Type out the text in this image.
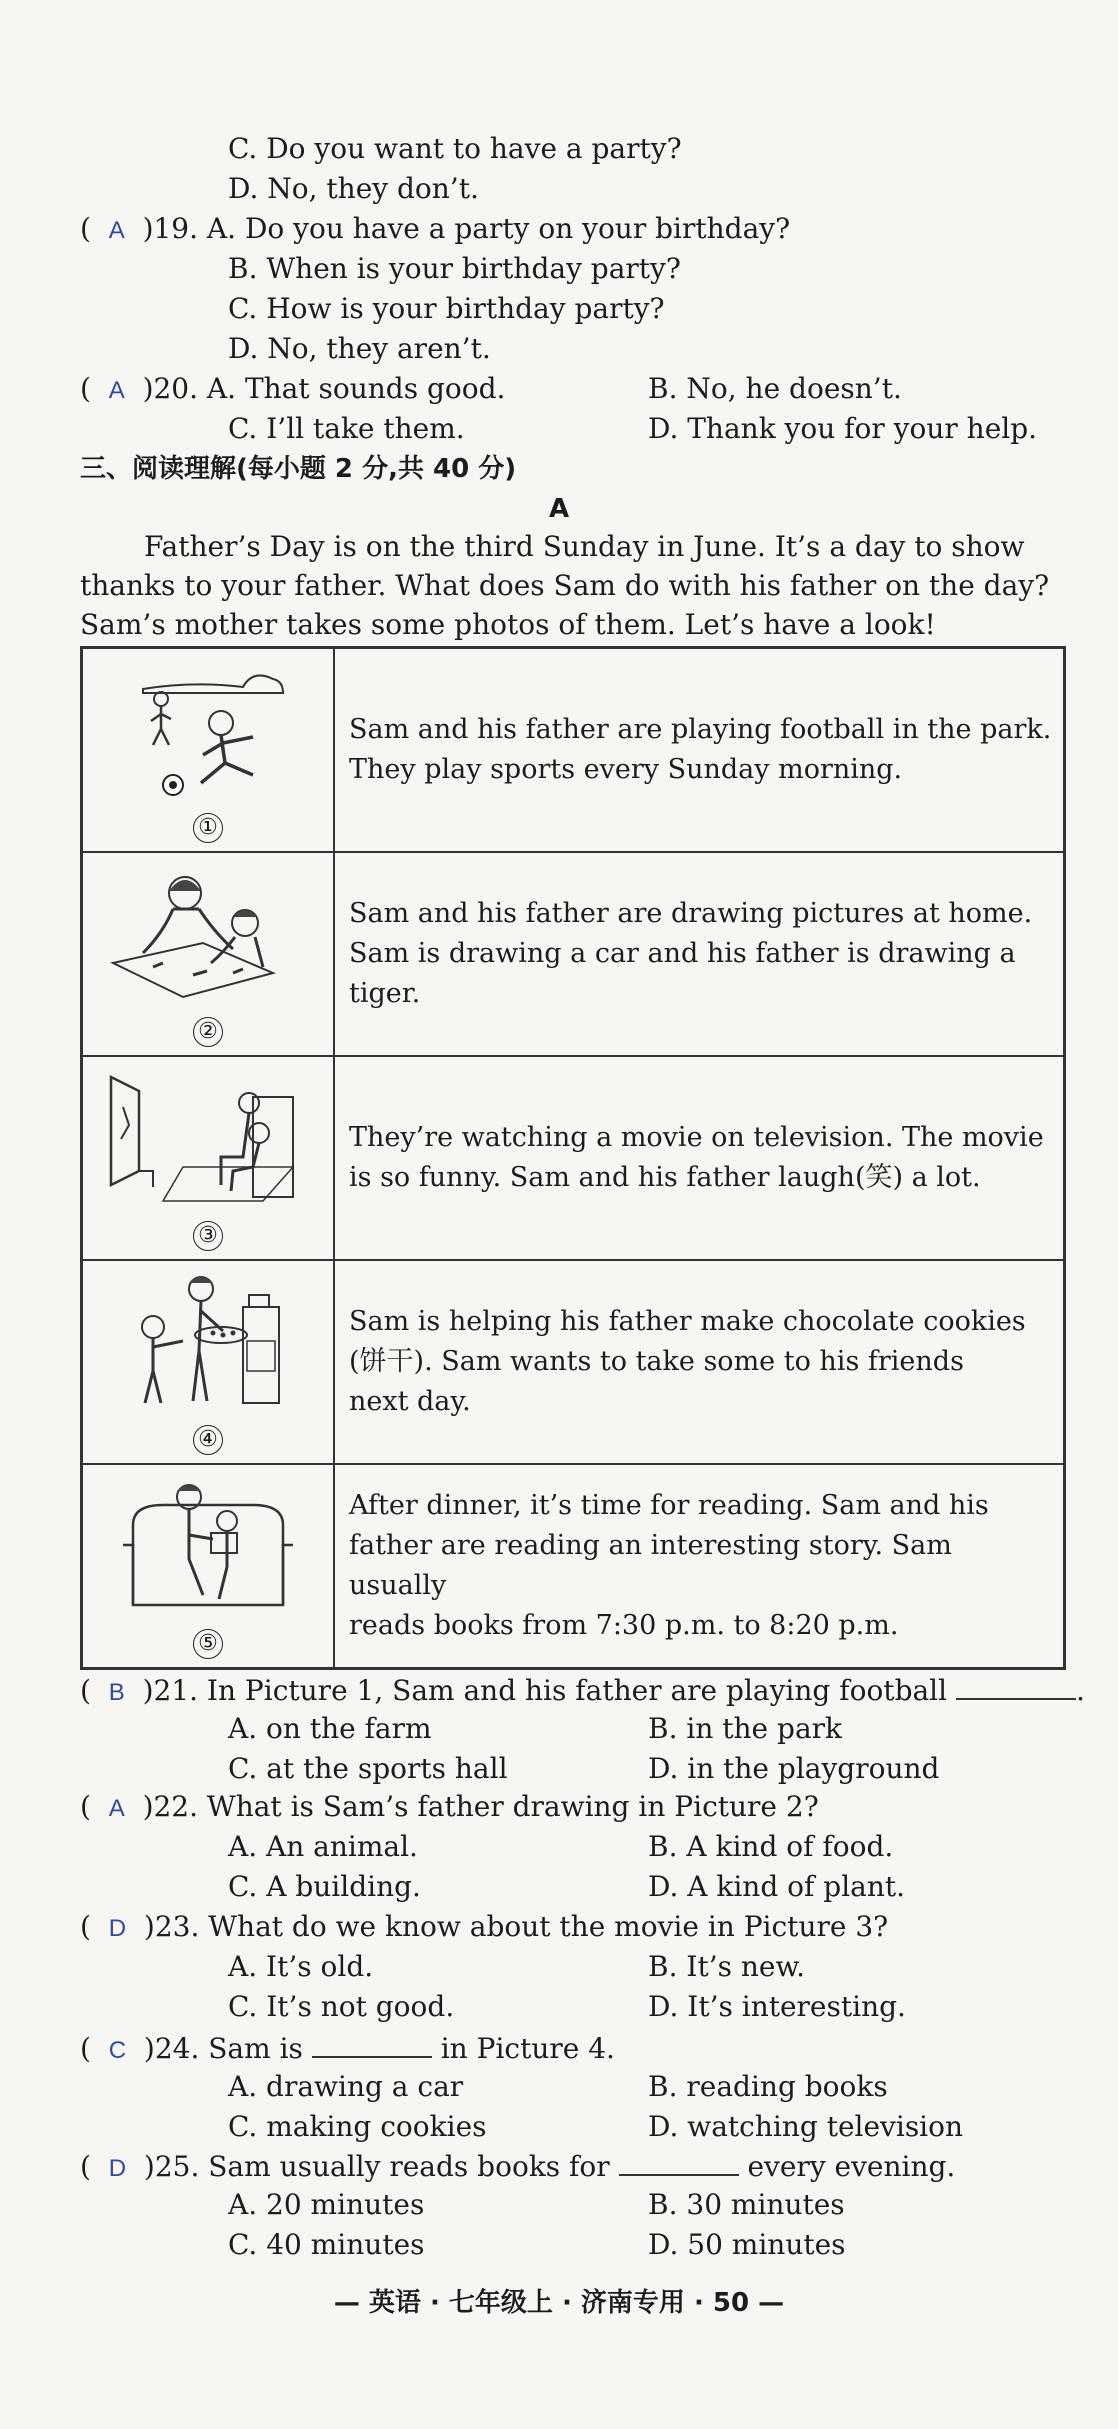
C. Do you want to have a party?
D. No, they don’t.
(  A )19. A. Do you have a party on your birthday?
B. When is your birthday party?
C. How is your birthday party?
D. No, they aren’t.
(  A )20. A. That sounds good.	B. No, he doesn’t.
C. I’ll take them.	D. Thank you for your help.
三、阅读理解(每小题 2 分,共 40 分)
A
Father’s Day is on the third Sunday in June. It’s a day to show
thanks to your father. What does Sam do with his father on the day?
Sam’s mother takes some photos of them. Let’s have a look!
①	Sam and his father are playing football in the park.
They play sports every Sunday morning.

②	Sam and his father are drawing pictures at home.
Sam is drawing a car and his father is drawing a
tiger.

③	They’re watching a movie on television. The movie
is so funny. Sam and his father laugh(笑) a lot.

④	Sam is helping his father make chocolate cookies
(饼干). Sam wants to take some to his friends
next day.

⑤	After dinner, it’s time for reading. Sam and his
father are reading an interesting story. Sam usually
reads books from 7:30 p.m. to 8:20 p.m.
(  B )21. In Picture 1, Sam and his father are playing football	.
A. on the farm	B. in the park
C. at the sports hall	D. in the playground
(  A )22. What is Sam’s father drawing in Picture 2?
A. An animal.	B. A kind of food.
C. A building.	D. A kind of plant.
(  D )23. What do we know about the movie in Picture 3?
A. It’s old.	B. It’s new.
C. It’s not good.	D. It’s interesting.
(  C )24. Sam is	in Picture 4.
A. drawing a car	B. reading books
C. making cookies	D. watching television
(  D )25. Sam usually reads books for	every evening.
A. 20 minutes	B. 30 minutes
C. 40 minutes	D. 50 minutes
— 英语 · 七年级上 · 济南专用 · 50 —
